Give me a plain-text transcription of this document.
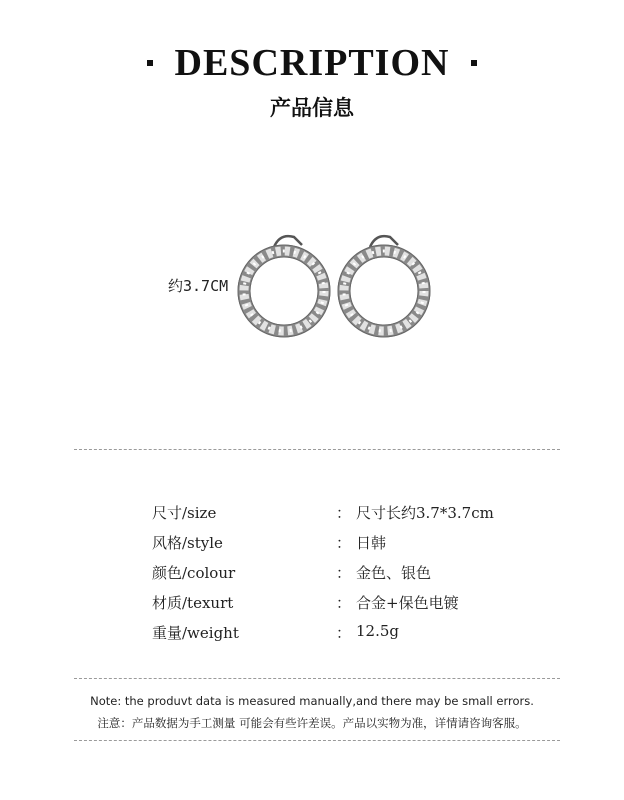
DESCRIPTION
产品信息
约3.7CM
尺寸/size	： 尺寸长约3.7*3.7cm
风格/style	： 日韩
颜色/colour	： 金色、银色
材质/texurt	： 合金+保色电镀
重量/weight	： 12.5g
Note: the produvt data is measured manually,and there may be small errors.
注意：产品数据为手工测量 可能会有些许差误。产品以实物为准，详情请咨询客服。
